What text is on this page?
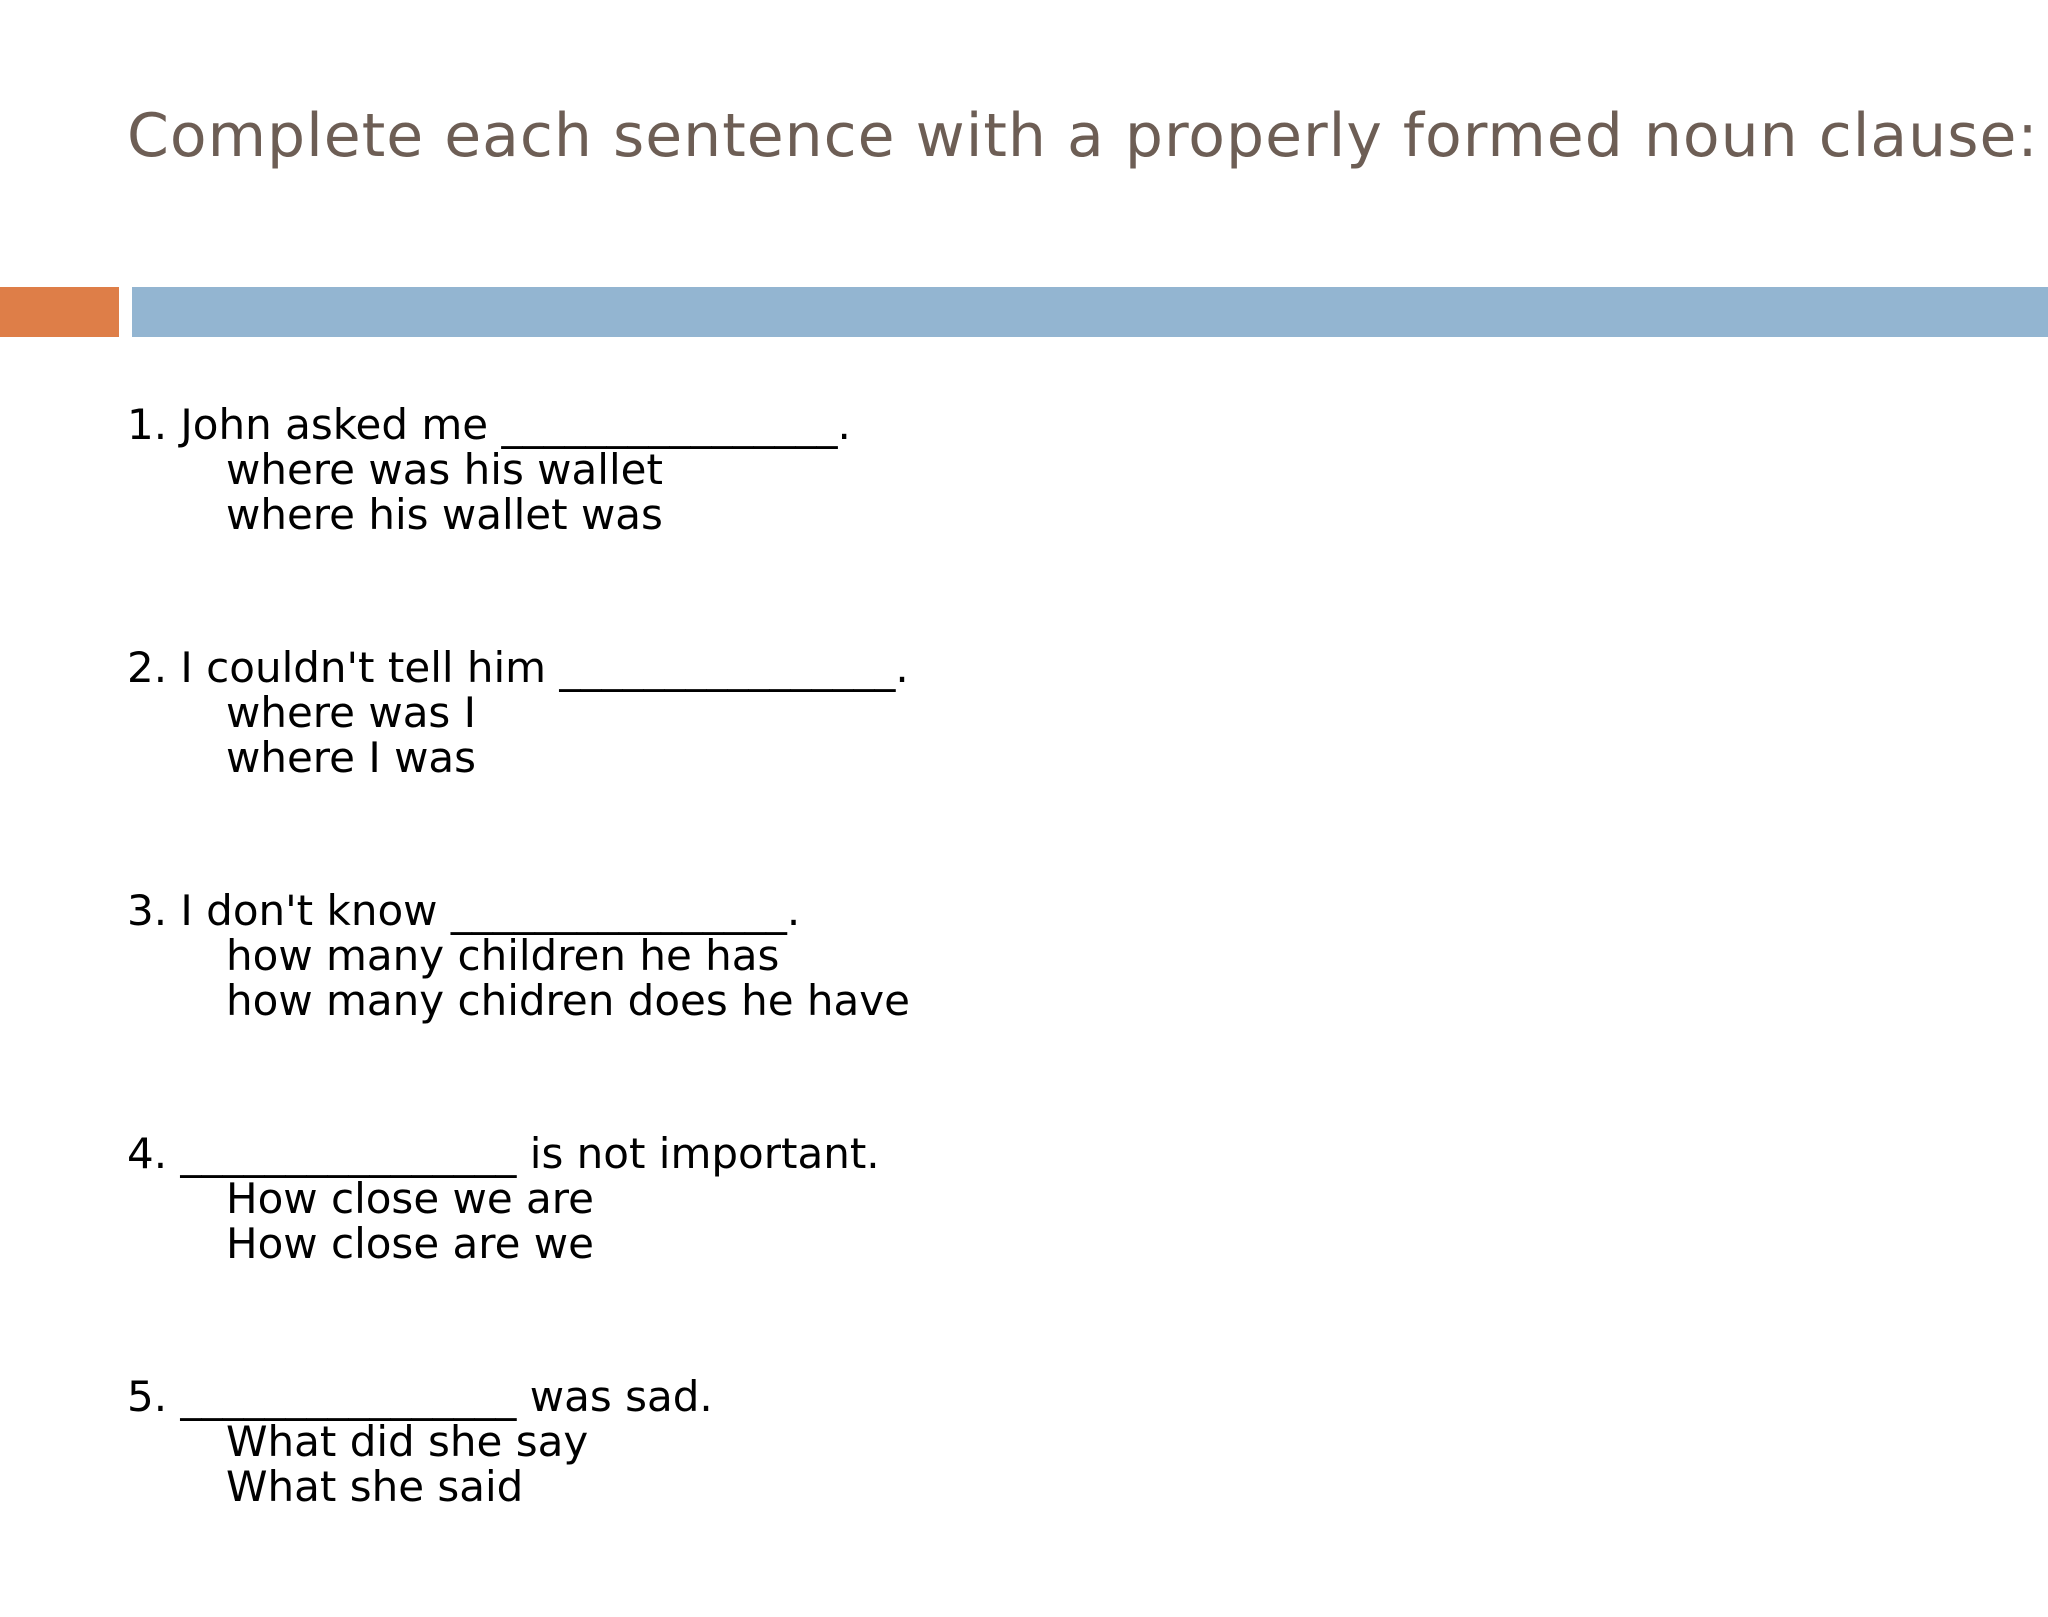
Complete each sentence with a properly formed noun clause:
1. John asked me ________________.
where was his wallet
where his wallet was
2. I couldn't tell him ________________.
where was I
where I was
3. I don't know ________________.
how many children he has
how many chidren does he have
4. ________________ is not important.
How close we are
How close are we
5. ________________ was sad.
What did she say
What she said
